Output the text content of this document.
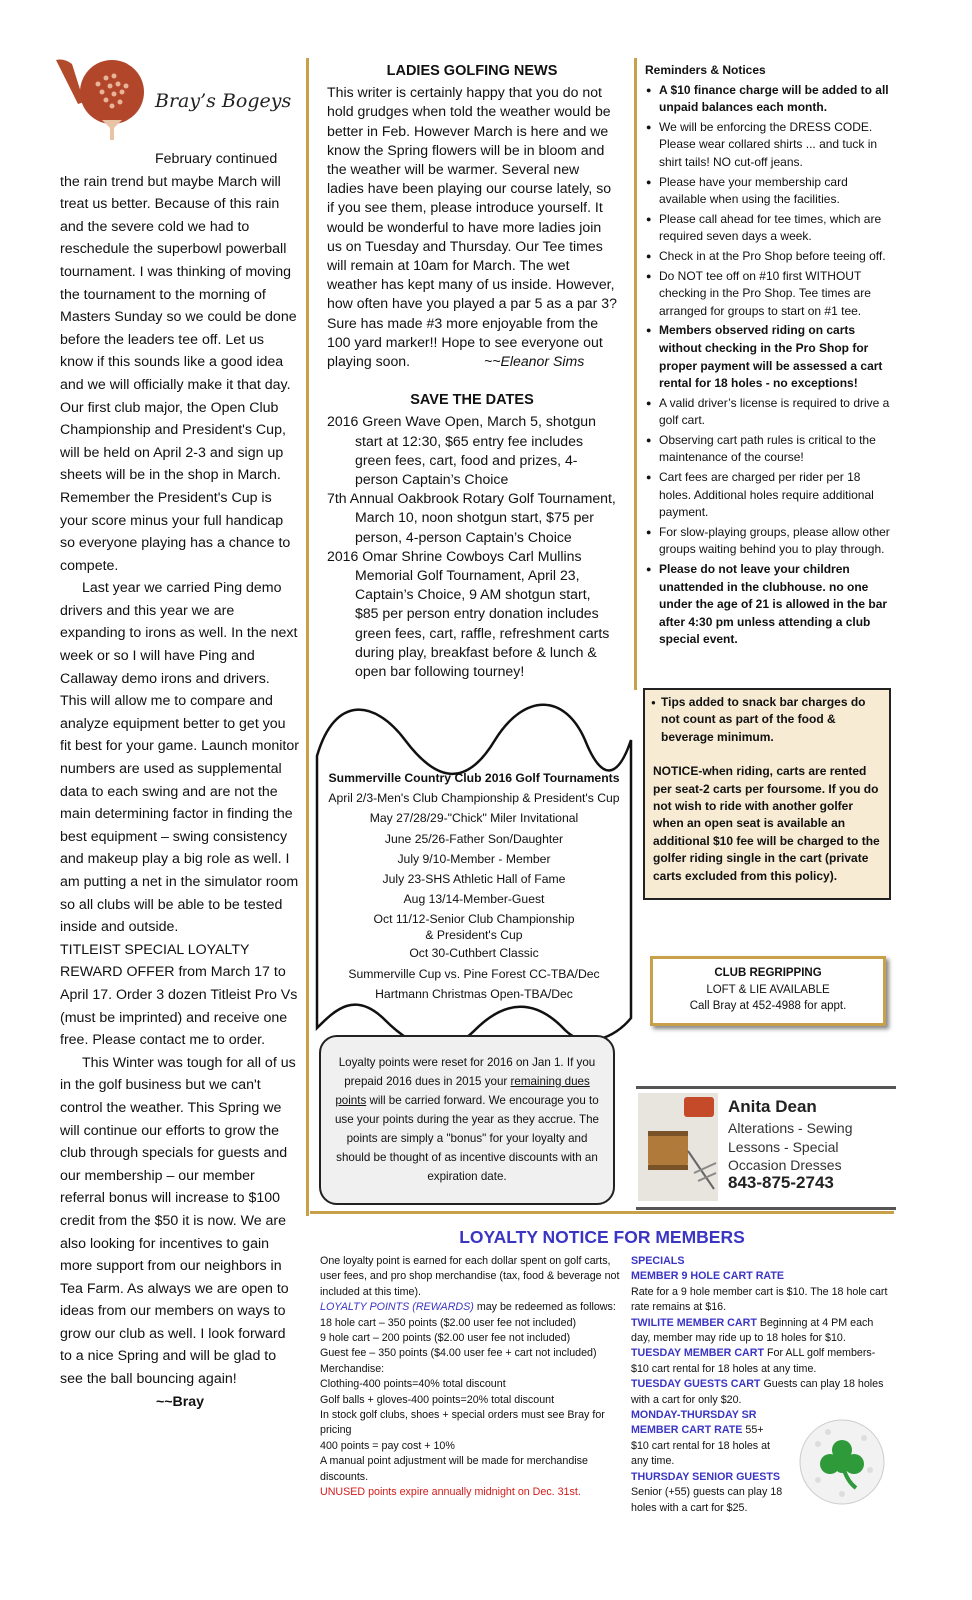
Bray’s Bogeys

February continued the rain trend but maybe March will treat us better. Because of this rain and the severe cold we had to reschedule the superbowl powerball tournament. I was thinking of moving the tournament to the morning of Masters Sunday so we could be done before the leaders tee off. Let us know if this sounds like a good idea and we will officially make it that day. Our first club major, the Open Club Championship and President's Cup, will be held on April 2-3 and sign up sheets will be in the shop in March. Remember the President's Cup is your score minus your full handicap so everyone playing has a chance to compete.

Last year we carried Ping demo drivers and this year we are expanding to irons as well. In the next week or so I will have Ping and Callaway demo irons and drivers. This will allow me to compare and analyze equipment better to get you fit best for your game. Launch monitor numbers are used as supplemental data to each swing and are not the main determining factor in finding the best equipment – swing consistency and makeup play a big role as well. I am putting a net in the simulator room so all clubs will be able to be tested inside and outside.

TITLEIST SPECIAL LOYALTY REWARD OFFER from March 17 to April 17. Order 3 dozen Titleist Pro Vs (must be imprinted) and receive one free. Please contact me to order.

This Winter was tough for all of us in the golf business but we can't control the weather. This Spring we will continue our efforts to grow the club through specials for guests and our membership – our member referral bonus will increase to $100 credit from the $50 it is now. We are also looking for incentives to gain more support from our neighbors in Tea Farm. As always we are open to ideas from our members on ways to grow our club as well. I look forward to a nice Spring and will be glad to see the ball bouncing again!

~~Bray

LADIES GOLFING NEWS

This writer is certainly happy that you do not hold grudges when told the weather would be better in Feb. However March is here and we know the Spring flowers will be in bloom and the weather will be warmer. Several new ladies have been playing our course lately, so if you see them, please introduce yourself. It would be wonderful to have more ladies join us on Tuesday and Thursday. Our Tee times will remain at 10am for March. The wet weather has kept many of us inside. However, how often have you played a par 5 as a par 3? Sure has made #3 more enjoyable from the 100 yard marker!! Hope to see everyone out playing soon.	~~Eleanor Sims

SAVE THE DATES

2016 Green Wave Open, March 5, shotgun start at 12:30, $65 entry fee includes green fees, cart, food and prizes, 4-person Captain’s Choice

7th Annual Oakbrook Rotary Golf Tournament, March 10, noon shotgun start, $75 per person, 4-person Captain’s Choice

2016 Omar Shrine Cowboys Carl Mullins Memorial Golf Tournament, April 23, Captain’s Choice, 9 AM shotgun start, $85 per person entry donation includes green fees, cart, raffle, refreshment carts during play, breakfast before & lunch & open bar following tourney!

Summerville Country Club 2016 Golf Tournaments
April 2/3-Men's Club Championship & President's Cup
May 27/28/29-"Chick" Miler Invitational
June 25/26-Father Son/Daughter
July 9/10-Member - Member
July 23-SHS Athletic Hall of Fame
Aug 13/14-Member-Guest
Oct 11/12-Senior Club Championship
& President's Cup
Oct 30-Cuthbert Classic
Summerville Cup vs. Pine Forest CC-TBA/Dec
Hartmann Christmas Open-TBA/Dec
Loyalty points were reset for 2016 on Jan 1. If you prepaid 2016 dues in 2015 your remaining dues points will be carried forward. We encourage you to use your points during the year as they accrue. The points are simply a "bonus" for your loyalty and should be thought of as incentive discounts with an expiration date.
Reminders & Notices
● A $10 finance charge will be added to all unpaid balances each month.
● We will be enforcing the DRESS CODE. Please wear collared shirts ... and tuck in shirt tails! NO cut-off jeans.
● Please have your membership card available when using the facilities.
● Please call ahead for tee times, which are required seven days a week.
● Check in at the Pro Shop before teeing off.
● Do NOT tee off on #10 first WITHOUT checking in the Pro Shop. Tee times are arranged for groups to start on #1 tee.
● Members observed riding on carts without checking in the Pro Shop for proper payment will be assessed a cart rental for 18 holes - no exceptions!
● A valid driver’s license is required to drive a golf cart.
● Observing cart path rules is critical to the maintenance of the course!
● Cart fees are charged per rider per 18 holes. Additional holes require additional payment.
● For slow-playing groups, please allow other groups waiting behind you to play through.
● Please do not leave your children unattended in the clubhouse. no one under the age of 21 is allowed in the bar after 4:30 pm unless attending a club special event.
● Tips added to snack bar charges do not count as part of the food & beverage minimum.
NOTICE-when riding, carts are rented per seat-2 carts per foursome. If you do not wish to ride with another golfer when an open seat is available an additional $10 fee will be charged to the golfer riding single in the cart (private carts excluded from this policy).
CLUB REGRIPPING
LOFT & LIE AVAILABLE
Call Bray at 452-4988 for appt.
Anita Dean
Alterations - Sewing
Lessons - Special
Occasion Dresses
843-875-2743
LOYALTY NOTICE FOR MEMBERS
One loyalty point is earned for each dollar spent on golf carts, user fees, and pro shop merchandise (tax, food & beverage not included at this time).
LOYALTY POINTS (REWARDS) may be redeemed as follows:
18 hole cart – 350 points ($2.00 user fee not included)
9 hole cart – 200 points ($2.00 user fee not included)
Guest fee – 350 points ($4.00 user fee + cart not included)
Merchandise:
Clothing-400 points=40% total discount
Golf balls + gloves-400 points=20% total discount
In stock golf clubs, shoes + special orders must see Bray for pricing
400 points = pay cost + 10%
A manual point adjustment will be made for merchandise discounts.
UNUSED points expire annually midnight on Dec. 31st.
SPECIALS
MEMBER 9 HOLE CART RATE
Rate for a 9 hole member cart is $10. The 18 hole cart rate remains at $16.
TWILITE MEMBER CART Beginning at 4 PM each day, member may ride up to 18 holes for $10.
TUESDAY MEMBER CART For ALL golf members- $10 cart rental for 18 holes at any time.
TUESDAY GUESTS CART Guests can play 18 holes with a cart for only $20.
MONDAY-THURSDAY SR
MEMBER CART RATE 55+ $10 cart rental for 18 holes at any time.
THURSDAY SENIOR GUESTS
Senior (+55) guests can play 18 holes with a cart for $25.
